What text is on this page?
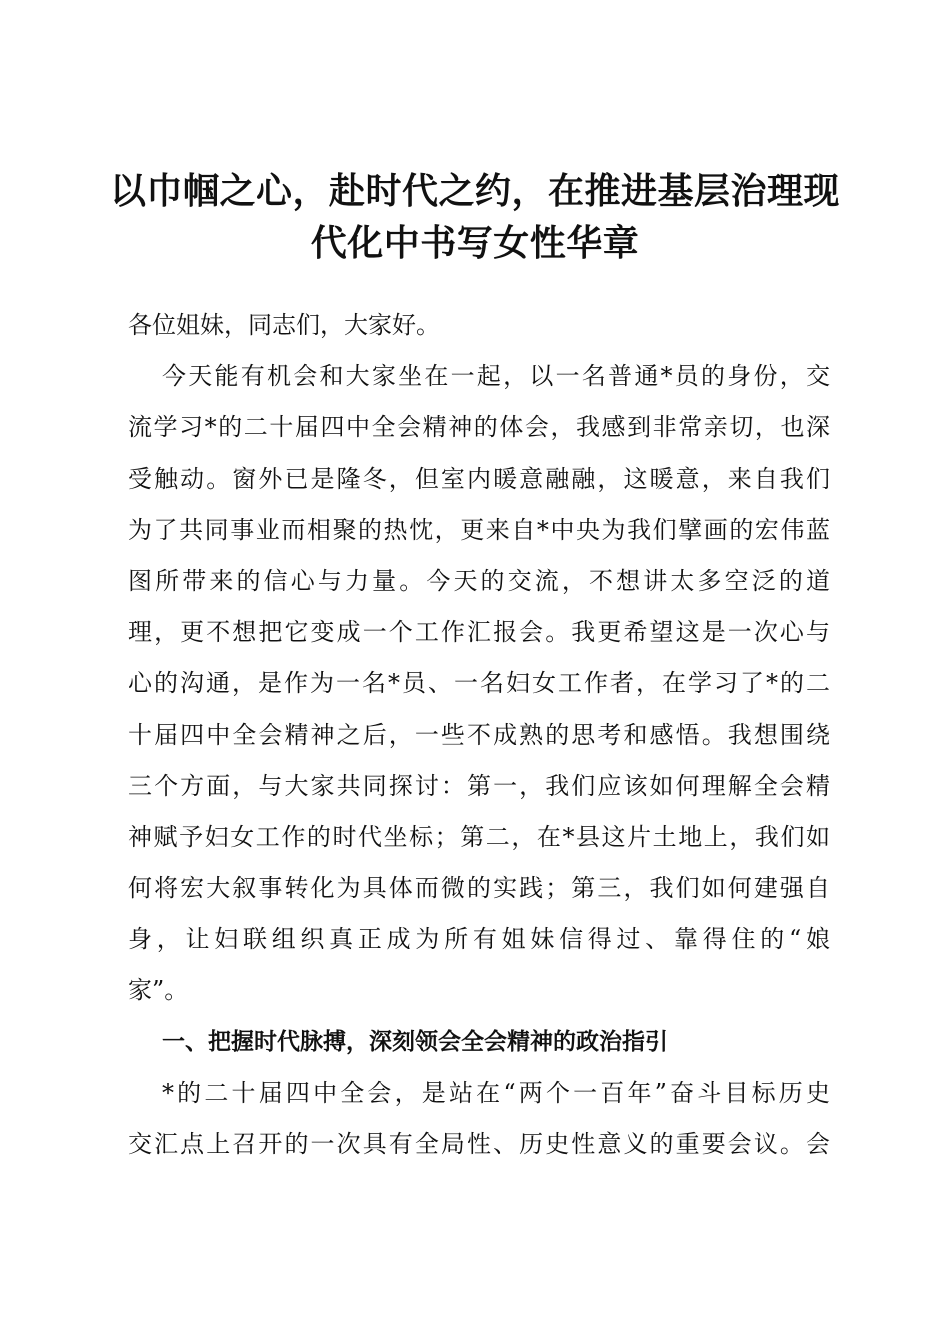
以巾帼之心，赴时代之约，在推进基层治理现
代化中书写女性华章
各位姐妹，同志们，大家好。
今天能有机会和大家坐在一起，以一名普通*员的身份，交
流学习*的二十届四中全会精神的体会，我感到非常亲切，也深
受触动。窗外已是隆冬，但室内暖意融融，这暖意，来自我们
为了共同事业而相聚的热忱，更来自*中央为我们擘画的宏伟蓝
图所带来的信心与力量。今天的交流，不想讲太多空泛的道
理，更不想把它变成一个工作汇报会。我更希望这是一次心与
心的沟通，是作为一名*员、一名妇女工作者，在学习了*的二
十届四中全会精神之后，一些不成熟的思考和感悟。我想围绕
三个方面，与大家共同探讨：第一，我们应该如何理解全会精
神赋予妇女工作的时代坐标；第二，在*县这片土地上，我们如
何将宏大叙事转化为具体而微的实践；第三，我们如何建强自
身，让妇联组织真正成为所有姐妹信得过、靠得住的“娘
家”。
一、把握时代脉搏，深刻领会全会精神的政治指引
*的二十届四中全会，是站在“两个一百年”奋斗目标历史
交汇点上召开的一次具有全局性、历史性意义的重要会议。会
